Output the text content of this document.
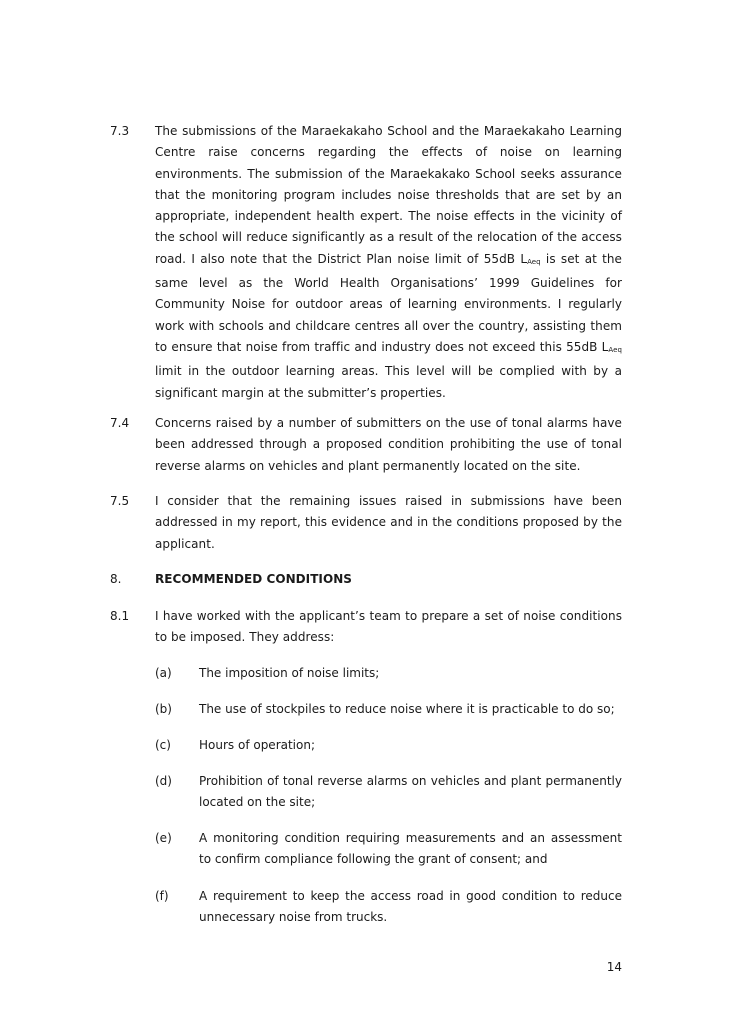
7.3 The submissions of the Maraekakaho School and the Maraekakaho Learning Centre raise concerns regarding the effects of noise on learning environments. The submission of the Maraekakako School seeks assurance that the monitoring program includes noise thresholds that are set by an appropriate, independent health expert. The noise effects in the vicinity of the school will reduce significantly as a result of the relocation of the access road. I also note that the District Plan noise limit of 55dB LAeq is set at the same level as the World Health Organisations’ 1999 Guidelines for Community Noise for outdoor areas of learning environments. I regularly work with schools and childcare centres all over the country, assisting them to ensure that noise from traffic and industry does not exceed this 55dB LAeq limit in the outdoor learning areas. This level will be complied with by a significant margin at the submitter’s properties.
7.4 Concerns raised by a number of submitters on the use of tonal alarms have been addressed through a proposed condition prohibiting the use of tonal reverse alarms on vehicles and plant permanently located on the site.
7.5 I consider that the remaining issues raised in submissions have been addressed in my report, this evidence and in the conditions proposed by the applicant.
8.	RECOMMENDED CONDITIONS
8.1 I have worked with the applicant’s team to prepare a set of noise conditions to be imposed. They address:
(a) The imposition of noise limits;
(b) The use of stockpiles to reduce noise where it is practicable to do so;
(c) Hours of operation;
(d) Prohibition of tonal reverse alarms on vehicles and plant permanently located on the site;
(e) A monitoring condition requiring measurements and an assessment to confirm compliance following the grant of consent; and
(f)	A requirement to keep the access road in good condition to reduce unnecessary noise from trucks.
14
